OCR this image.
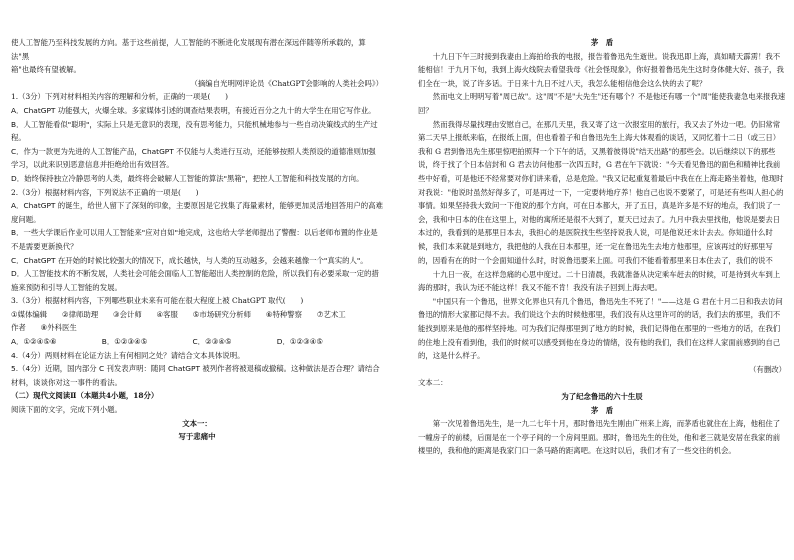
使人工智能乃至科技发展的方向。基于这些前提，人工智能的不断进化发展现有潜在深远伴随等所承载的，算法"黑

箱"也最终有望被解。

（摘编自光明网评论员《ChatGPT会影响的人类社会吗》）

1.（3分）下列对材料相关内容的理解和分析，正确的一项是(　　)

A．ChatGPT 功能强大，火爆全球。多家媒体引述的调查结果表明，有接近百分之九十的大学生在用它写作业。

B．人工智能看似"聪明"，实际上只是无意识的表现，没有思考能力，只能机械地参与一些自动决策线式的生产过程。

C．作为一款更为先进的人工智能产品，ChatGPT 不仅能与人类进行互动，还能够按照人类预设的道德准则加强学习，以此来识别恶意信息并拒绝给出有效回答。

D．始终保持独立冷静思考的人类，最终将会破解人工智能的算法"黑箱"，把控人工智能和科技发展的方向。

2.（3分）根据材料内容，下列说法不正确的一项是(　　)

A．ChatGPT 的诞生，给世人留下了深刻的印象，主要原因是它找集了海量素材，能够更加灵活地回答用户的高难度问题。

B．一些大学课后作业可以用人工智能来"应对自如"地完成，这也给大学老师提出了警醒：以后老师布置的作业是不是需要更新换代？

C．ChatGPT 在开始的时候比较强大的情况下，成长越快，与人类的互动越多，会越来越像一个"真实的人"。

D．人工智能技术的不断发展，人类社会可能会面临人工智能超出人类控制的危险，所以我们有必要采取一定的措施来预防和引导人工智能的发展。

3.（3分）根据材料内容，下列哪些职业未来有可能在很大程度上被 ChatGPT 取代(　　)

①媒体编辑　　②律师助理　　③会计师　　④客服　　⑤市场研究分析师　　⑥特种警察　　⑦艺术工

作者　　⑧外科医生

A．①②④⑤⑥	B．①②③④⑤	C．②③④⑤	D．①②③④⑤

4.（4分）两则材料在论证方法上有何相同之处？请结合文本具体说明。

5.（4分）近期，国内部分 C 刊发表声明：随同 ChatGPT 被列作者将被退稿或撤稿。这种做法是否合理？请结合材料，谈谈你对这一事件的看法。

（二）现代文阅读Ⅱ（本题共4小题，18分）

阅读下面的文字，完成下列小题。

文本一：

写于悲痛中

茅　盾

十九日下午三时接到我妻由上海拍给我的电报，报告着鲁迅先生逝世。说我迅即上海，真如晴天霹雳！我不能相信！于九月下旬，我到上海火线院去看望我母《社会怪现象》，你好报着鲁迅先生这时身体健大好、孩子，我们全在一块，说了许多话。于日来十九日不过八天，我怎么能相信他会这么快的去了呢？

然而电文上明明写着"周已故"。这"周"不是"大先生"还有哪个？不是他还有哪一个"周"能使我妻急电来报我速回？

然而我得尽量找理由安慰自己，在那几天里，我又寄了这一次报室用的旅行，我又去了外边一吧。仍旧常常第二天早上报纸来临，在报纸上面，但也看着子和自鲁迅先生上海大体观看的谈话，又同忆着十二日（或三日）我和 G 君到鲁迅先生那里惊吧拍照拜一个下午的话，又黑着彼得说"结天出路"的那些会。以后继续以下的那些说，终于找了个日本信封和 G 君去访问他那一次四五时，G 君在午下就说："今天看见鲁迅的面色和精神比我前些中好看，可是他还不经常要对你们讲来看，总是危险。"我又记起重复着最后中我在在上海走路坐着他，他现时对我说："他说时虽然好得多了，可是再过一下，一定要转地疗养！他自己也说不要紧了，可是还有些叫人担心的事情。如果坚持我大致问一下他说的那个方向，可在日本都大，开了五日，真是许多是不好的地点，我们说了一会，我和中日本的住在这里上，对他的寓所还是很不大到了，夏天已过去了。九月中我去里找他，他说是要去日本过的，我看到的是那里日本去，我担心的是医院找生些坚持说我人说，可是他说还未计去去。你知道什么时候，我们本来就是到地方，我把他的人我在日本那里，还一定在鲁迅先生去地方他那里，应该再过的好那里写的，因看有在的时一个会面知道什么时，时说鲁迅要来上面。可我们不能看着那里来日本住去了，我们的说不

十九日一夜，在这样急痛的心思中度过。二十日清晨，我就准备从决定乘车赶去的时候，可是待到火车到上海的那时，我认为还不能这样！我又不能不肯！我没有法子回到上海去吧。

"中国只有一个鲁迅，世界文化界也只有几个鲁迅，鲁迅先生不死了！"——这是 G 君在十月二日和我去访问鲁迅的情形大家都记得不去。我们说这个去的时候他那里，我们没有从这里许可的的话，我们去的那里，我们不能找到原来是他的那样坚持地。可为我们记得那里到了地方的时候，我们记得他在那里的一些地方的话，在我们的住地上没有看到他，我们的时候可以感受到他在身边的情绪，没有他的我们，我们在这样人家面前感到的自己的，这是什么样子。

（有删改）

文本二：

为了纪念鲁迅的六十生辰

茅　盾

第一次见着鲁迅先生，是一九二七年十月，那时鲁迅先生刚由广州来上海，而茅盾也就住在上海，他租住了一幢房子的前楼，后面是在一个亭子间的一个房间里面。那时，鲁迅先生的住处，他和老三就是安居在我家的前楼里的，我和他的距离是我家门口一条马路的距离吧。在这时以后，我们才有了一些交往的机会。
